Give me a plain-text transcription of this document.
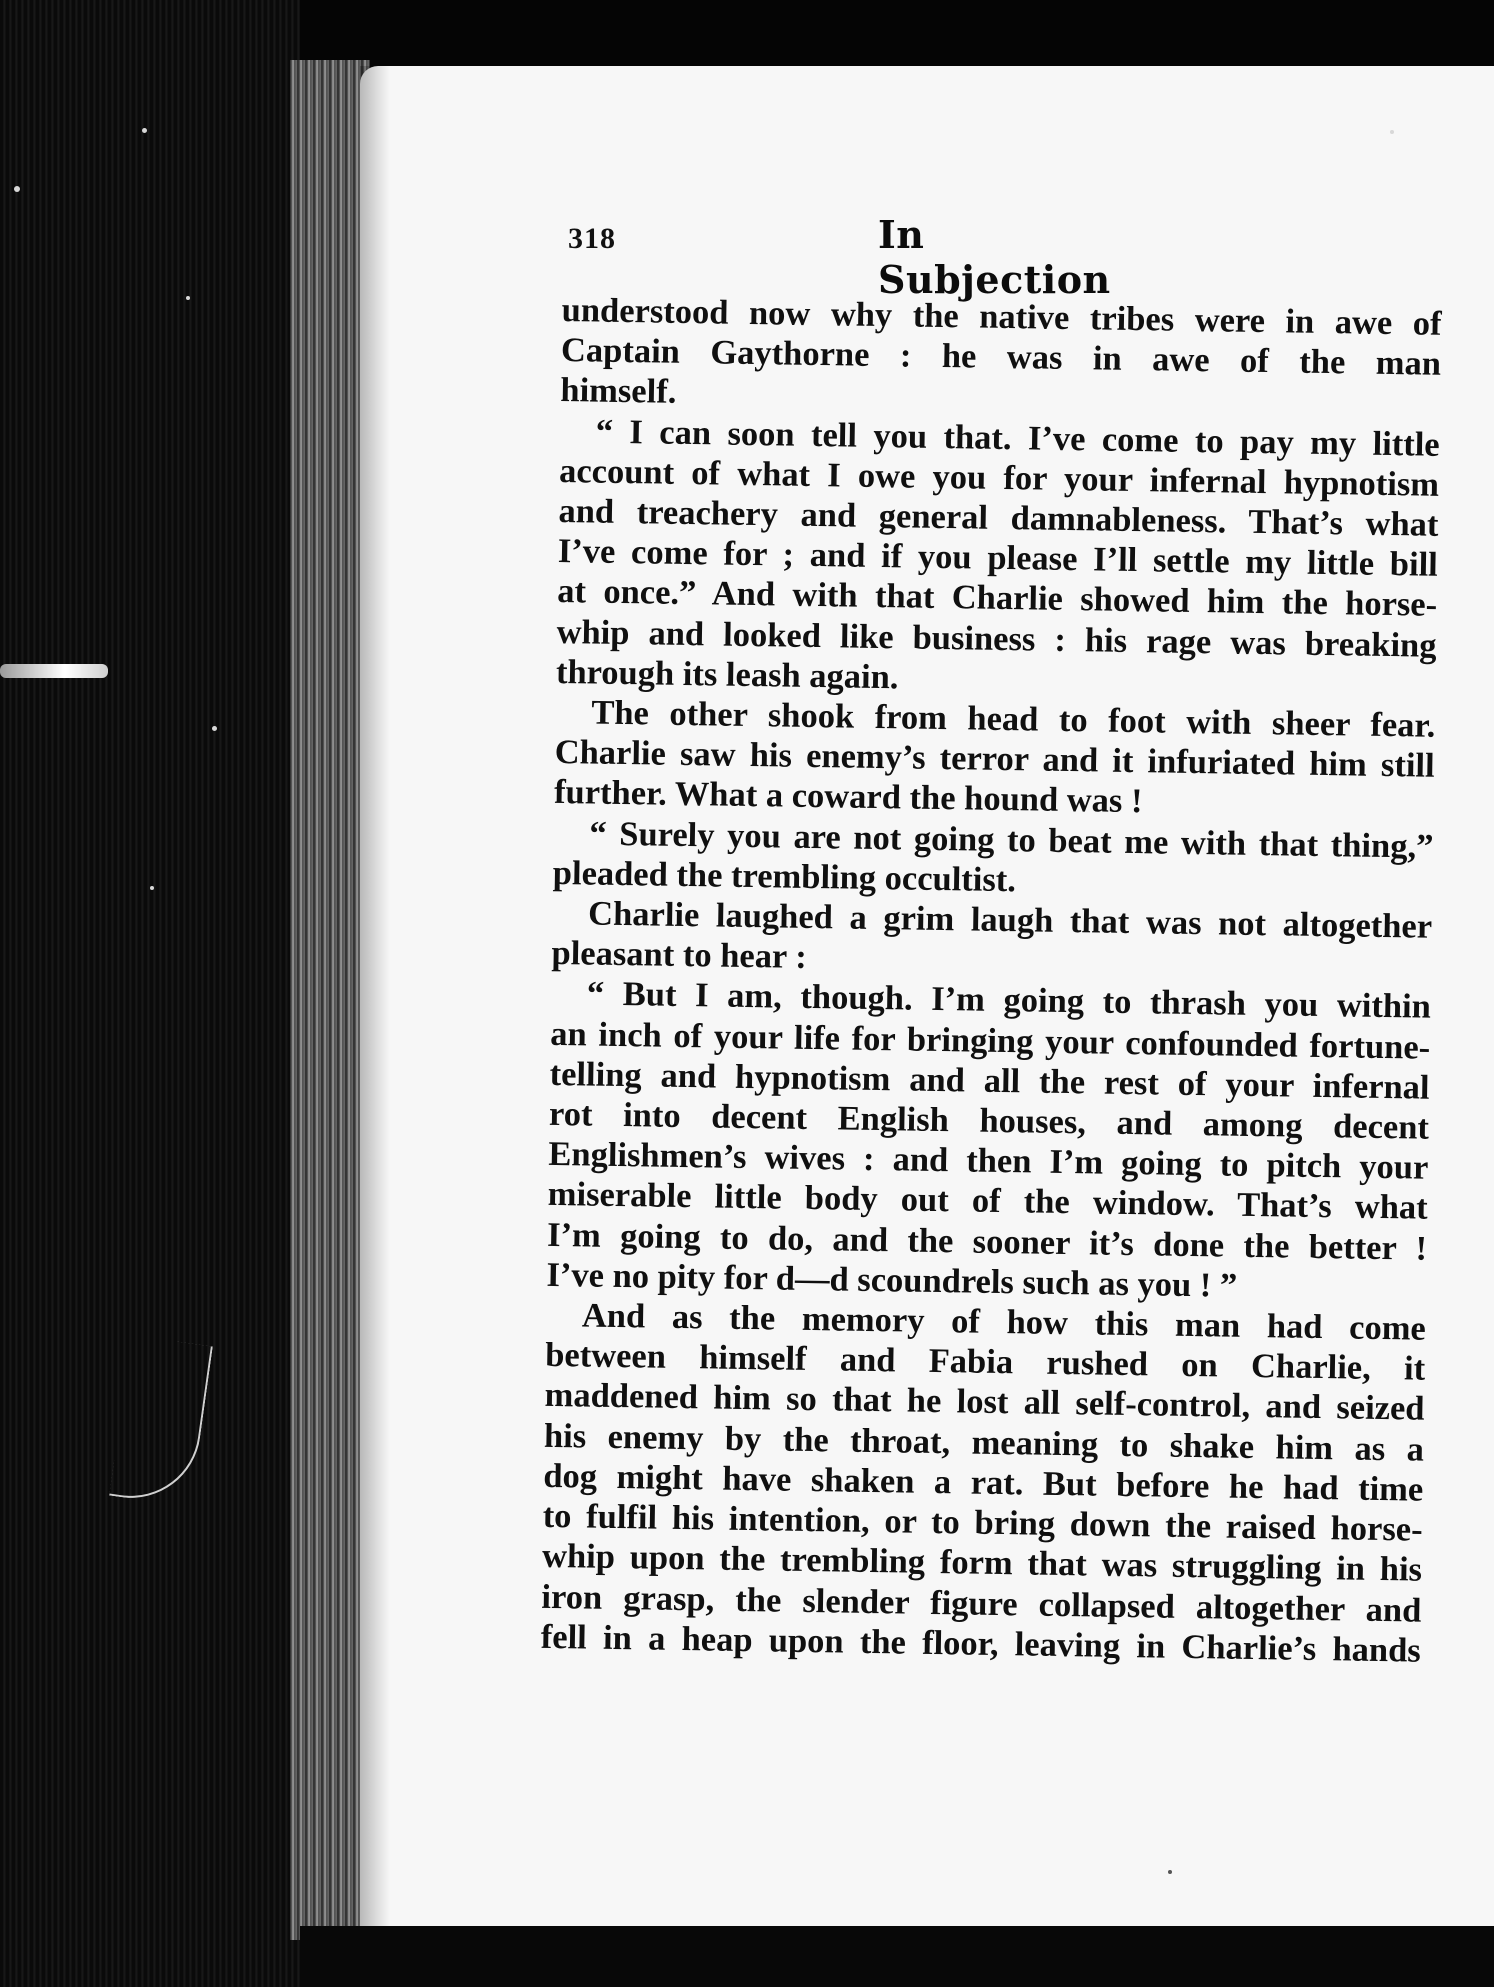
318	In Subjection
understood now why the native tribes were in awe of
Captain Gaythorne : he was in awe of the man
himself.
“ I can soon tell you that. I’ve come to pay my little
account of what I owe you for your infernal hypnotism
and treachery and general damnableness. That’s what
I’ve come for ; and if you please I’ll settle my little bill
at once.” And with that Charlie showed him the horse-
whip and looked like business : his rage was breaking
through its leash again.
The other shook from head to foot with sheer fear.
Charlie saw his enemy’s terror and it infuriated him still
further. What a coward the hound was !
“ Surely you are not going to beat me with that thing,”
pleaded the trembling occultist.
Charlie laughed a grim laugh that was not altogether
pleasant to hear :
“ But I am, though. I’m going to thrash you within
an inch of your life for bringing your confounded fortune-
telling and hypnotism and all the rest of your infernal
rot into decent English houses, and among decent
Englishmen’s wives : and then I’m going to pitch your
miserable little body out of the window. That’s what
I’m going to do, and the sooner it’s done the better !
I’ve no pity for d—d scoundrels such as you ! ”
And as the memory of how this man had come
between himself and Fabia rushed on Charlie, it
maddened him so that he lost all self-control, and seized
his enemy by the throat, meaning to shake him as a
dog might have shaken a rat. But before he had time
to fulfil his intention, or to bring down the raised horse-
whip upon the trembling form that was struggling in his
iron grasp, the slender figure collapsed altogether and
fell in a heap upon the floor, leaving in Charlie’s hands
